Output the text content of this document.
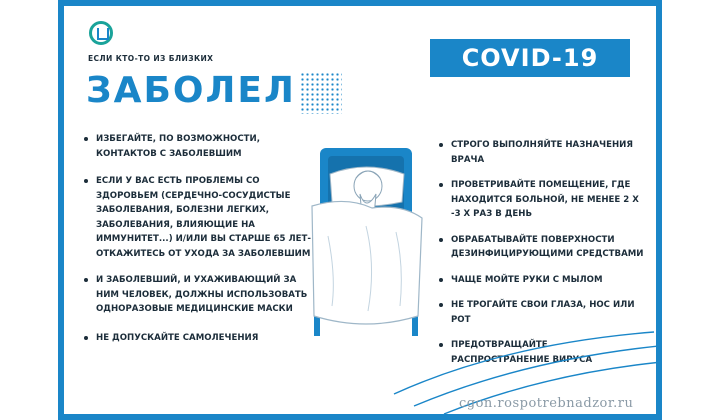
ЕСЛИ КТО-ТО ИЗ БЛИЗКИХ
ЗАБОЛЕЛ
COVID-19
ИЗБЕГАЙТЕ, ПО ВОЗМОЖНОСТИ, КОНТАКТОВ С ЗАБОЛЕВШИМ
ЕСЛИ У ВАС ЕСТЬ ПРОБЛЕМЫ СО ЗДОРОВЬЕМ (СЕРДЕЧНО-СОСУДИСТЫЕ ЗАБОЛЕВАНИЯ, БОЛЕЗНИ ЛЕГКИХ, ЗАБОЛЕВАНИЯ, ВЛИЯЮЩИЕ НА ИММУНИТЕТ...) И/ИЛИ ВЫ СТАРШЕ 65 ЛЕТ-ОТКАЖИТЕСЬ ОТ УХОДА ЗА ЗАБОЛЕВШИМ
И ЗАБОЛЕВШИЙ, И УХАЖИВАЮЩИЙ ЗА НИМ ЧЕЛОВЕК, ДОЛЖНЫ ИСПОЛЬЗОВАТЬ ОДНОРАЗОВЫЕ МЕДИЦИНСКИЕ МАСКИ
НЕ ДОПУСКАЙТЕ САМОЛЕЧЕНИЯ
СТРОГО ВЫПОЛНЯЙТЕ НАЗНАЧЕНИЯ ВРАЧА
ПРОВЕТРИВАЙТЕ ПОМЕЩЕНИЕ, ГДЕ НАХОДИТСЯ БОЛЬНОЙ, НЕ МЕНЕЕ 2 Х -3 Х РАЗ В ДЕНЬ
ОБРАБАТЫВАЙТЕ ПОВЕРХНОСТИ ДЕЗИНФИЦИРУЮЩИМИ СРЕДСТВАМИ
ЧАЩЕ МОЙТЕ РУКИ С МЫЛОМ
НЕ ТРОГАЙТЕ СВОИ ГЛАЗА, НОС ИЛИ РОТ
ПРЕДОТВРАЩАЙТЕ РАСПРОСТРАНЕНИЕ ВИРУСА
cgon.rospotrebnadzor.ru
